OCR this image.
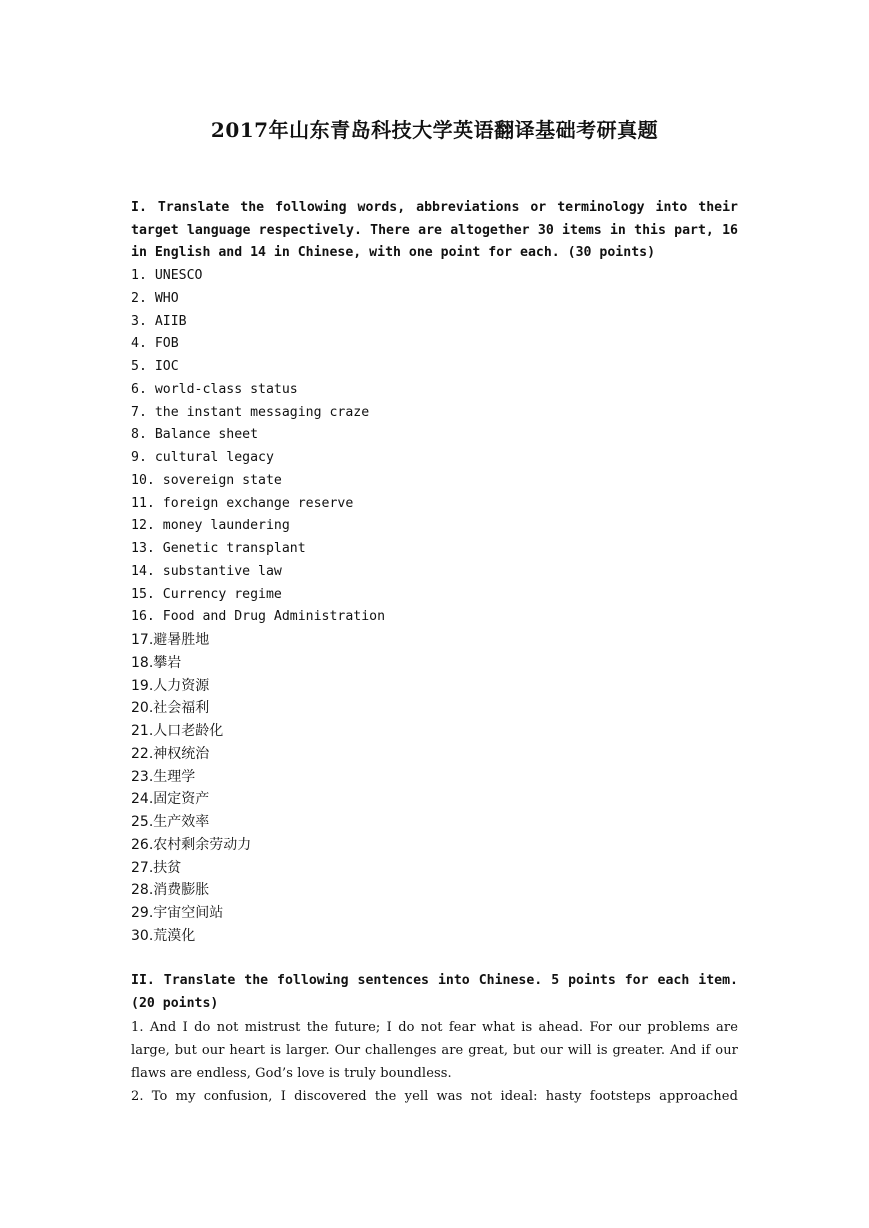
2017年山东青岛科技大学英语翻译基础考研真题

I. Translate the following words, abbreviations or terminology into their target language respectively. There are altogether 30 items in this part, 16 in English and 14 in Chinese, with one point for each. (30 points)

1. UNESCO
2. WHO
3. AIIB
4. FOB
5. IOC
6. world-class status
7. the instant messaging craze
8. Balance sheet
9. cultural legacy
10. sovereign state
11. foreign exchange reserve
12. money laundering
13. Genetic transplant
14. substantive law
15. Currency regime
16. Food and Drug Administration
17.避暑胜地
18.攀岩
19.人力资源
20.社会福利
21.人口老龄化
22.神权统治
23.生理学
24.固定资产
25.生产效率
26.农村剩余劳动力
27.扶贫
28.消费膨胀
29.宇宙空间站
30.荒漠化

II. Translate the following sentences into Chinese. 5 points for each item. (20 points)

1. And I do not mistrust the future; I do not fear what is ahead. For our problems are large, but our heart is larger. Our challenges are great, but our will is greater. And if our flaws are endless, God’s love is truly boundless.

2. To my confusion, I discovered the yell was not ideal: hasty footsteps approached
